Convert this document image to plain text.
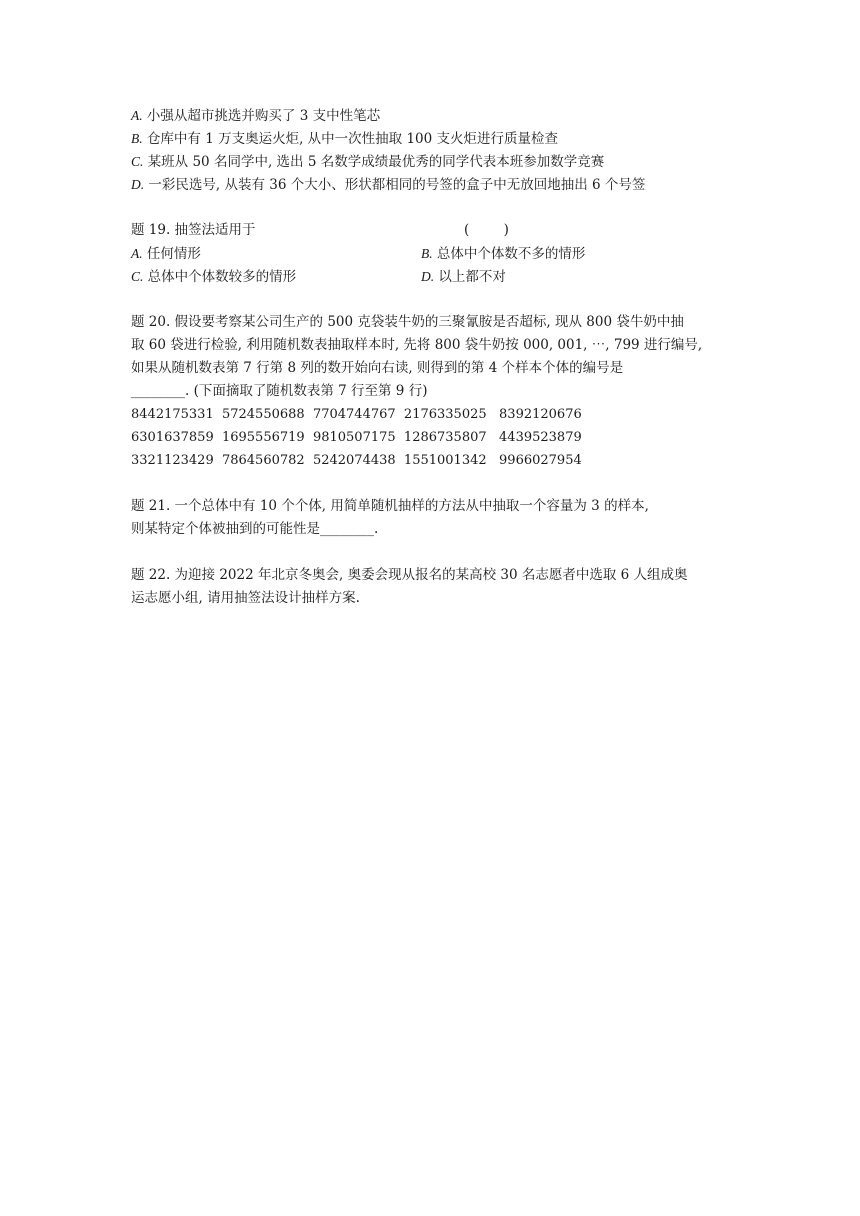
A. 小强从超市挑选并购买了 3 支中性笔芯
B. 仓库中有 1 万支奥运火炬, 从中一次性抽取 100 支火炬进行质量检查
C. 某班从 50 名同学中, 选出 5 名数学成绩最优秀的同学代表本班参加数学竞赛
D. 一彩民选号, 从装有 36 个大小、形状都相同的号签的盒子中无放回地抽出 6 个号签
题 19. 抽签法适用于	(        )
A. 任何情形	B. 总体中个体数不多的情形
C. 总体中个体数较多的情形	D. 以上都不对
题 20. 假设要考察某公司生产的 500 克袋装牛奶的三聚氰胺是否超标, 现从 800 袋牛奶中抽
取 60 袋进行检验, 利用随机数表抽取样本时, 先将 800 袋牛奶按 000, 001, ⋯, 799 进行编号,
如果从随机数表第 7 行第 8 列的数开始向右读, 则得到的第 4 个样本个体的编号是
________. (下面摘取了随机数表第 7 行至第 9 行)
8442175331  5724550688  7704744767  2176335025   8392120676
6301637859  1695556719  9810507175  1286735807   4439523879
3321123429  7864560782  5242074438  1551001342   9966027954
题 21. 一个总体中有 10 个个体, 用简单随机抽样的方法从中抽取一个容量为 3 的样本,
则某特定个体被抽到的可能性是________.
题 22. 为迎接 2022 年北京冬奥会, 奥委会现从报名的某高校 30 名志愿者中选取 6 人组成奥
运志愿小组, 请用抽签法设计抽样方案.
